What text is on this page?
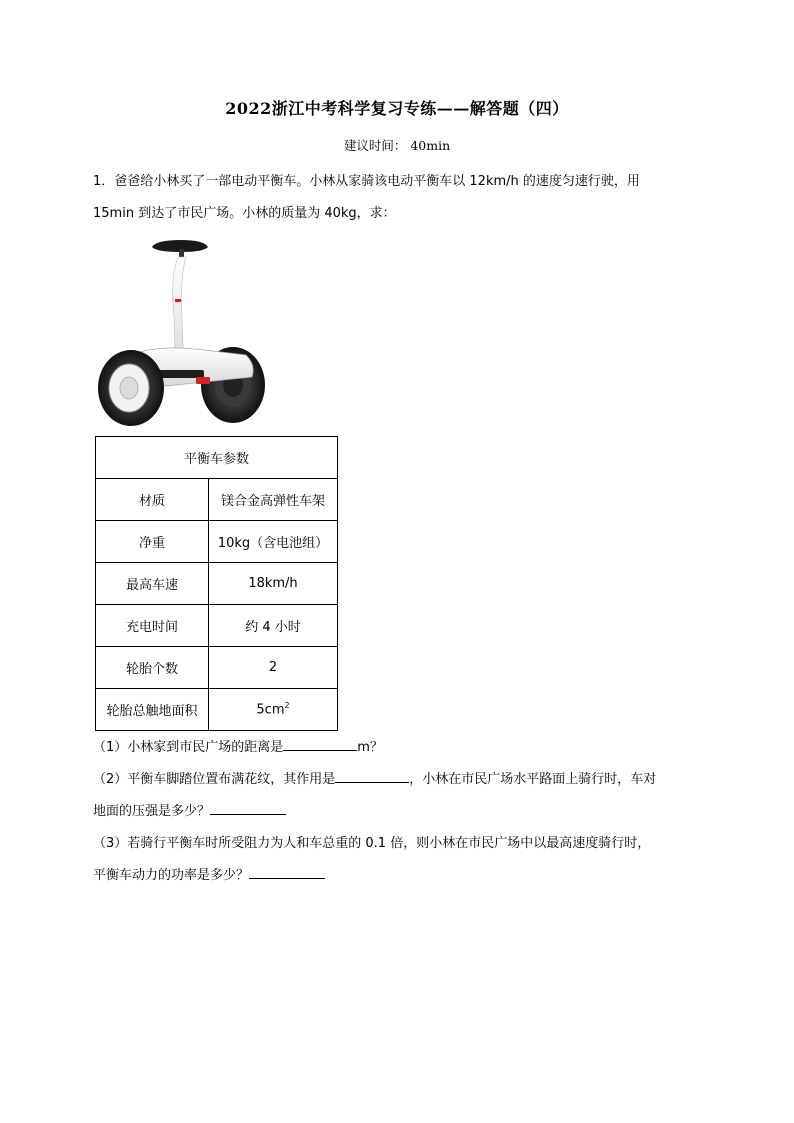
2022浙江中考科学复习专练——解答题（四）
建议时间： 40min
1．爸爸给小林买了一部电动平衡车。小林从家骑该电动平衡车以 12km/h 的速度匀速行驶，用
15min 到达了市民广场。小林的质量为 40kg，求：
平衡车参数	
材质	镁合金高弹性车架
净重	10kg（含电池组）
最高车速	18km/h
充电时间	约 4 小时
轮胎个数	2
轮胎总触地面积	$5cm^2$
（1）小林家到市民广场的距离是	m？
（2）平衡车脚踏位置布满花纹，其作用是	，小林在市民广场水平路面上骑行时，车对
地面的压强是多少？
（3）若骑行平衡车时所受阻力为人和车总重的 0.1 倍，则小林在市民广场中以最高速度骑行时，
平衡车动力的功率是多少？
